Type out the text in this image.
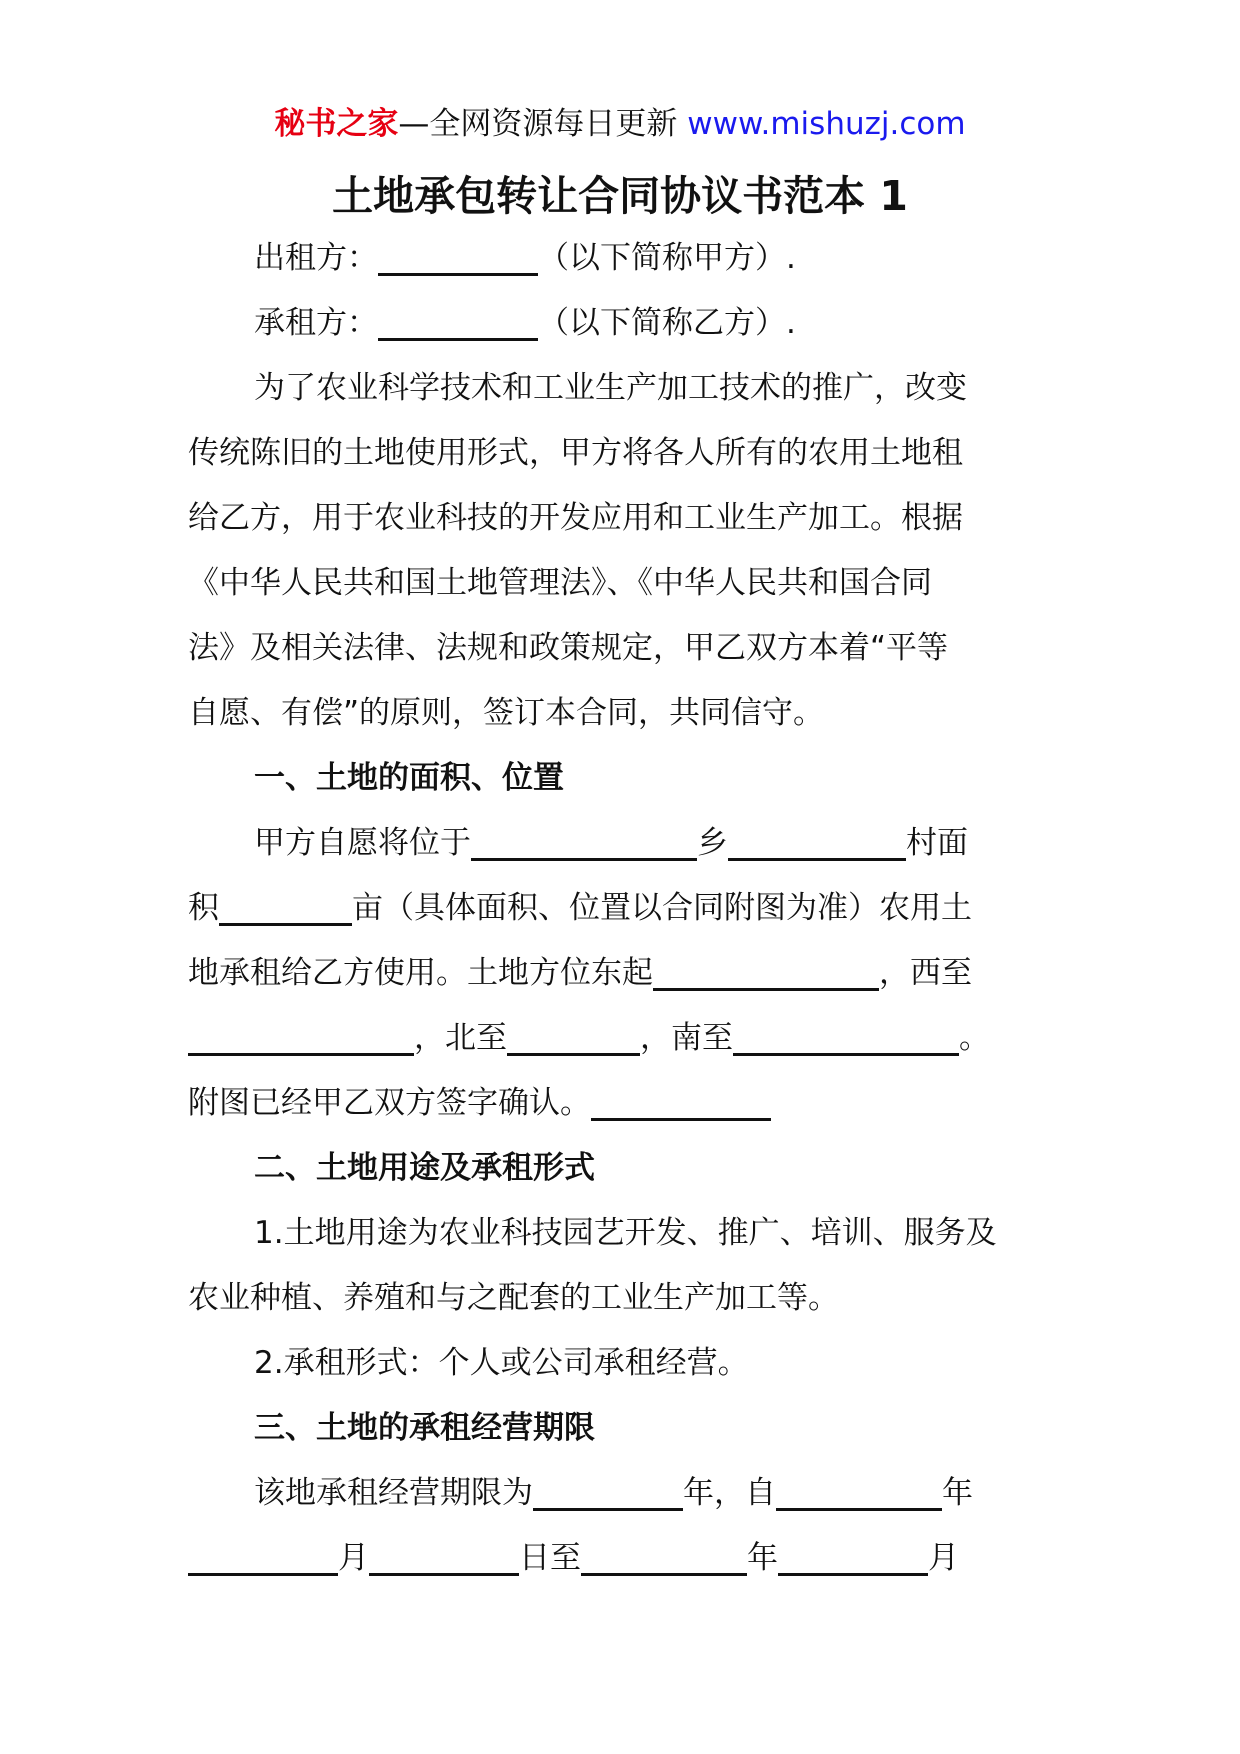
秘书之家—全网资源每日更新 www.mishuzj.com
土地承包转让合同协议书范本 1

出租方：	（以下简称甲方）.

承租方：	（以下简称乙方）.

为了农业科学技术和工业生产加工技术的推广，改变

传统陈旧的土地使用形式，甲方将各人所有的农用土地租

给乙方，用于农业科技的开发应用和工业生产加工。根据

《中华人民共和国土地管理法》、《中华人民共和国合同

法》及相关法律、法规和政策规定，甲乙双方本着“平等

自愿、有偿”的原则，签订本合同，共同信守。

一、土地的面积、位置

甲方自愿将位于	乡	村面

积	亩（具体面积、位置以合同附图为准）农用土

地承租给乙方使用。土地方位东起	，西至

，北至	，南至	。

附图已经甲乙双方签字确认。

二、土地用途及承租形式

1.土地用途为农业科技园艺开发、推广、培训、服务及

农业种植、养殖和与之配套的工业生产加工等。

2.承租形式：个人或公司承租经营。

三、土地的承租经营期限

该地承租经营期限为	年，自	年

月	日至	年	月
